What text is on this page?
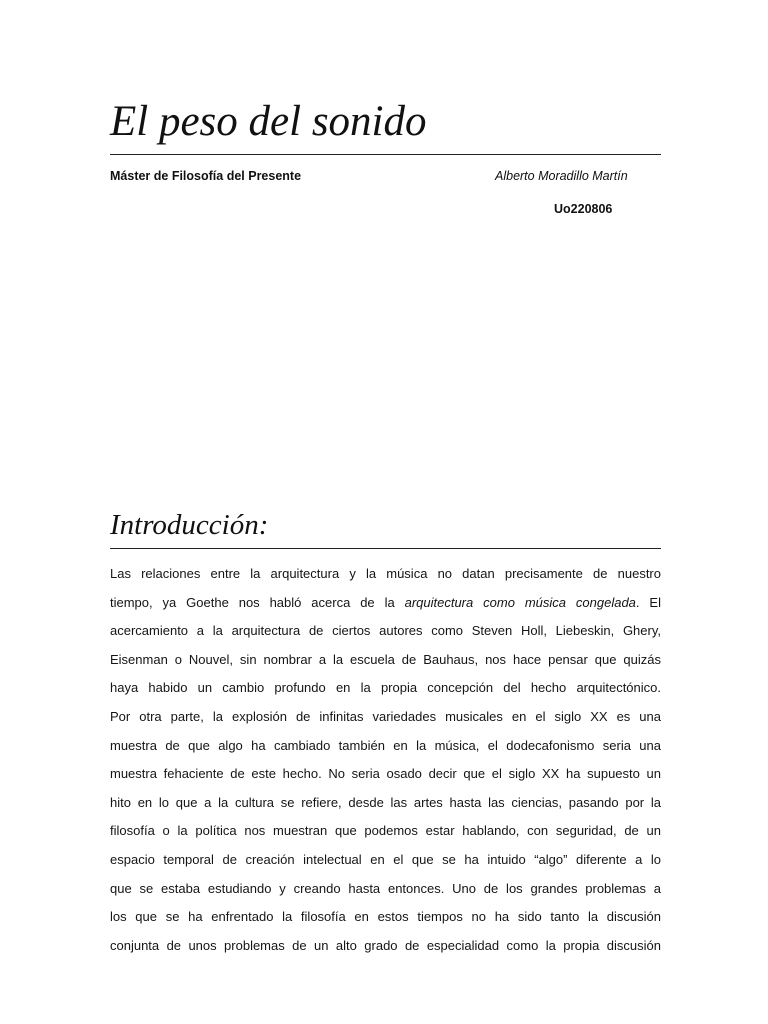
El peso del sonido
Máster de Filosofía del Presente	Alberto Moradillo Martín
Uo220806
Introducción:
Las relaciones entre la arquitectura y la música no datan precisamente de nuestro
tiempo, ya Goethe nos habló acerca de la arquitectura como música congelada. El
acercamiento a la arquitectura de ciertos autores como Steven Holl, Liebeskin, Ghery,
Eisenman o Nouvel, sin nombrar a la escuela de Bauhaus, nos hace pensar que quizás
haya habido un cambio profundo en la propia concepción del hecho arquitectónico.
Por otra parte, la explosión de infinitas variedades musicales en el siglo XX es una
muestra de que algo ha cambiado también en la música, el dodecafonismo seria una
muestra fehaciente de este hecho. No seria osado decir que el siglo XX ha supuesto un
hito en lo que a la cultura se refiere, desde las artes hasta las ciencias, pasando por la
filosofía o la política nos muestran que podemos estar hablando, con seguridad, de un
espacio temporal de creación intelectual en el que se ha intuido “algo” diferente a lo
que se estaba estudiando y creando hasta entonces. Uno de los grandes problemas a
los que se ha enfrentado la filosofía en estos tiempos no ha sido tanto la discusión
conjunta de unos problemas de un alto grado de especialidad como la propia discusión
